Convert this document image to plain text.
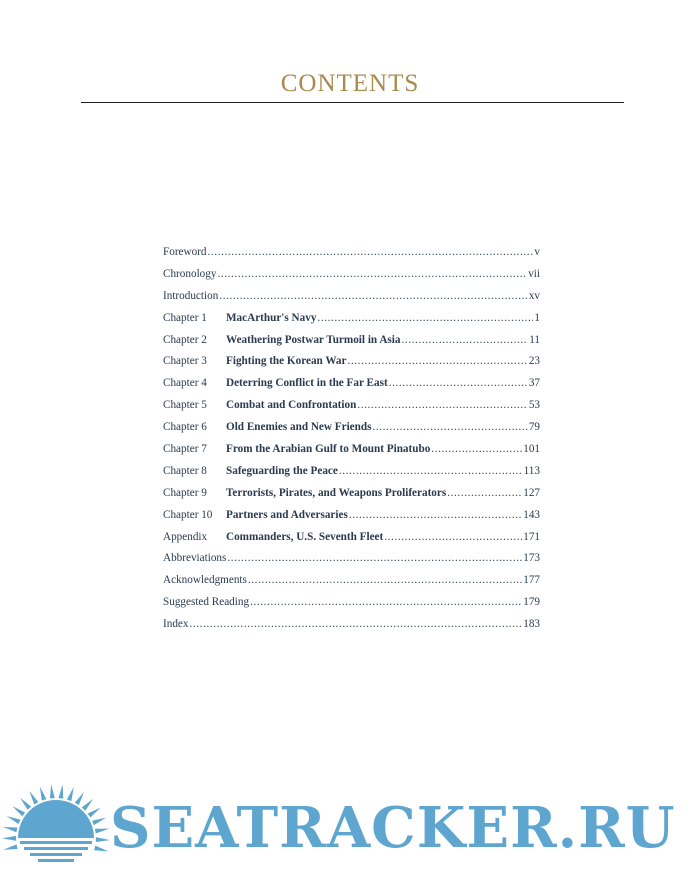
CONTENTS
Foreword .....	v
Chronology .....	vii
Introduction .....	xv
Chapter 1	MacArthur's Navy .....	1
Chapter 2	Weathering Postwar Turmoil in Asia .....	11
Chapter 3	Fighting the Korean War .....	23
Chapter 4	Deterring Conflict in the Far East .....	37
Chapter 5	Combat and Confrontation .....	53
Chapter 6	Old Enemies and New Friends .....	79
Chapter 7	From the Arabian Gulf to Mount Pinatubo .....	101
Chapter 8	Safeguarding the Peace .....	113
Chapter 9	Terrorists, Pirates, and Weapons Proliferators .....	127
Chapter 10	Partners and Adversaries .....	143
Appendix	Commanders, U.S. Seventh Fleet .....	171
Abbreviations .....	173
Acknowledgments .....	177
Suggested Reading .....	179
Index .....	183
SEATRACKER.RU
